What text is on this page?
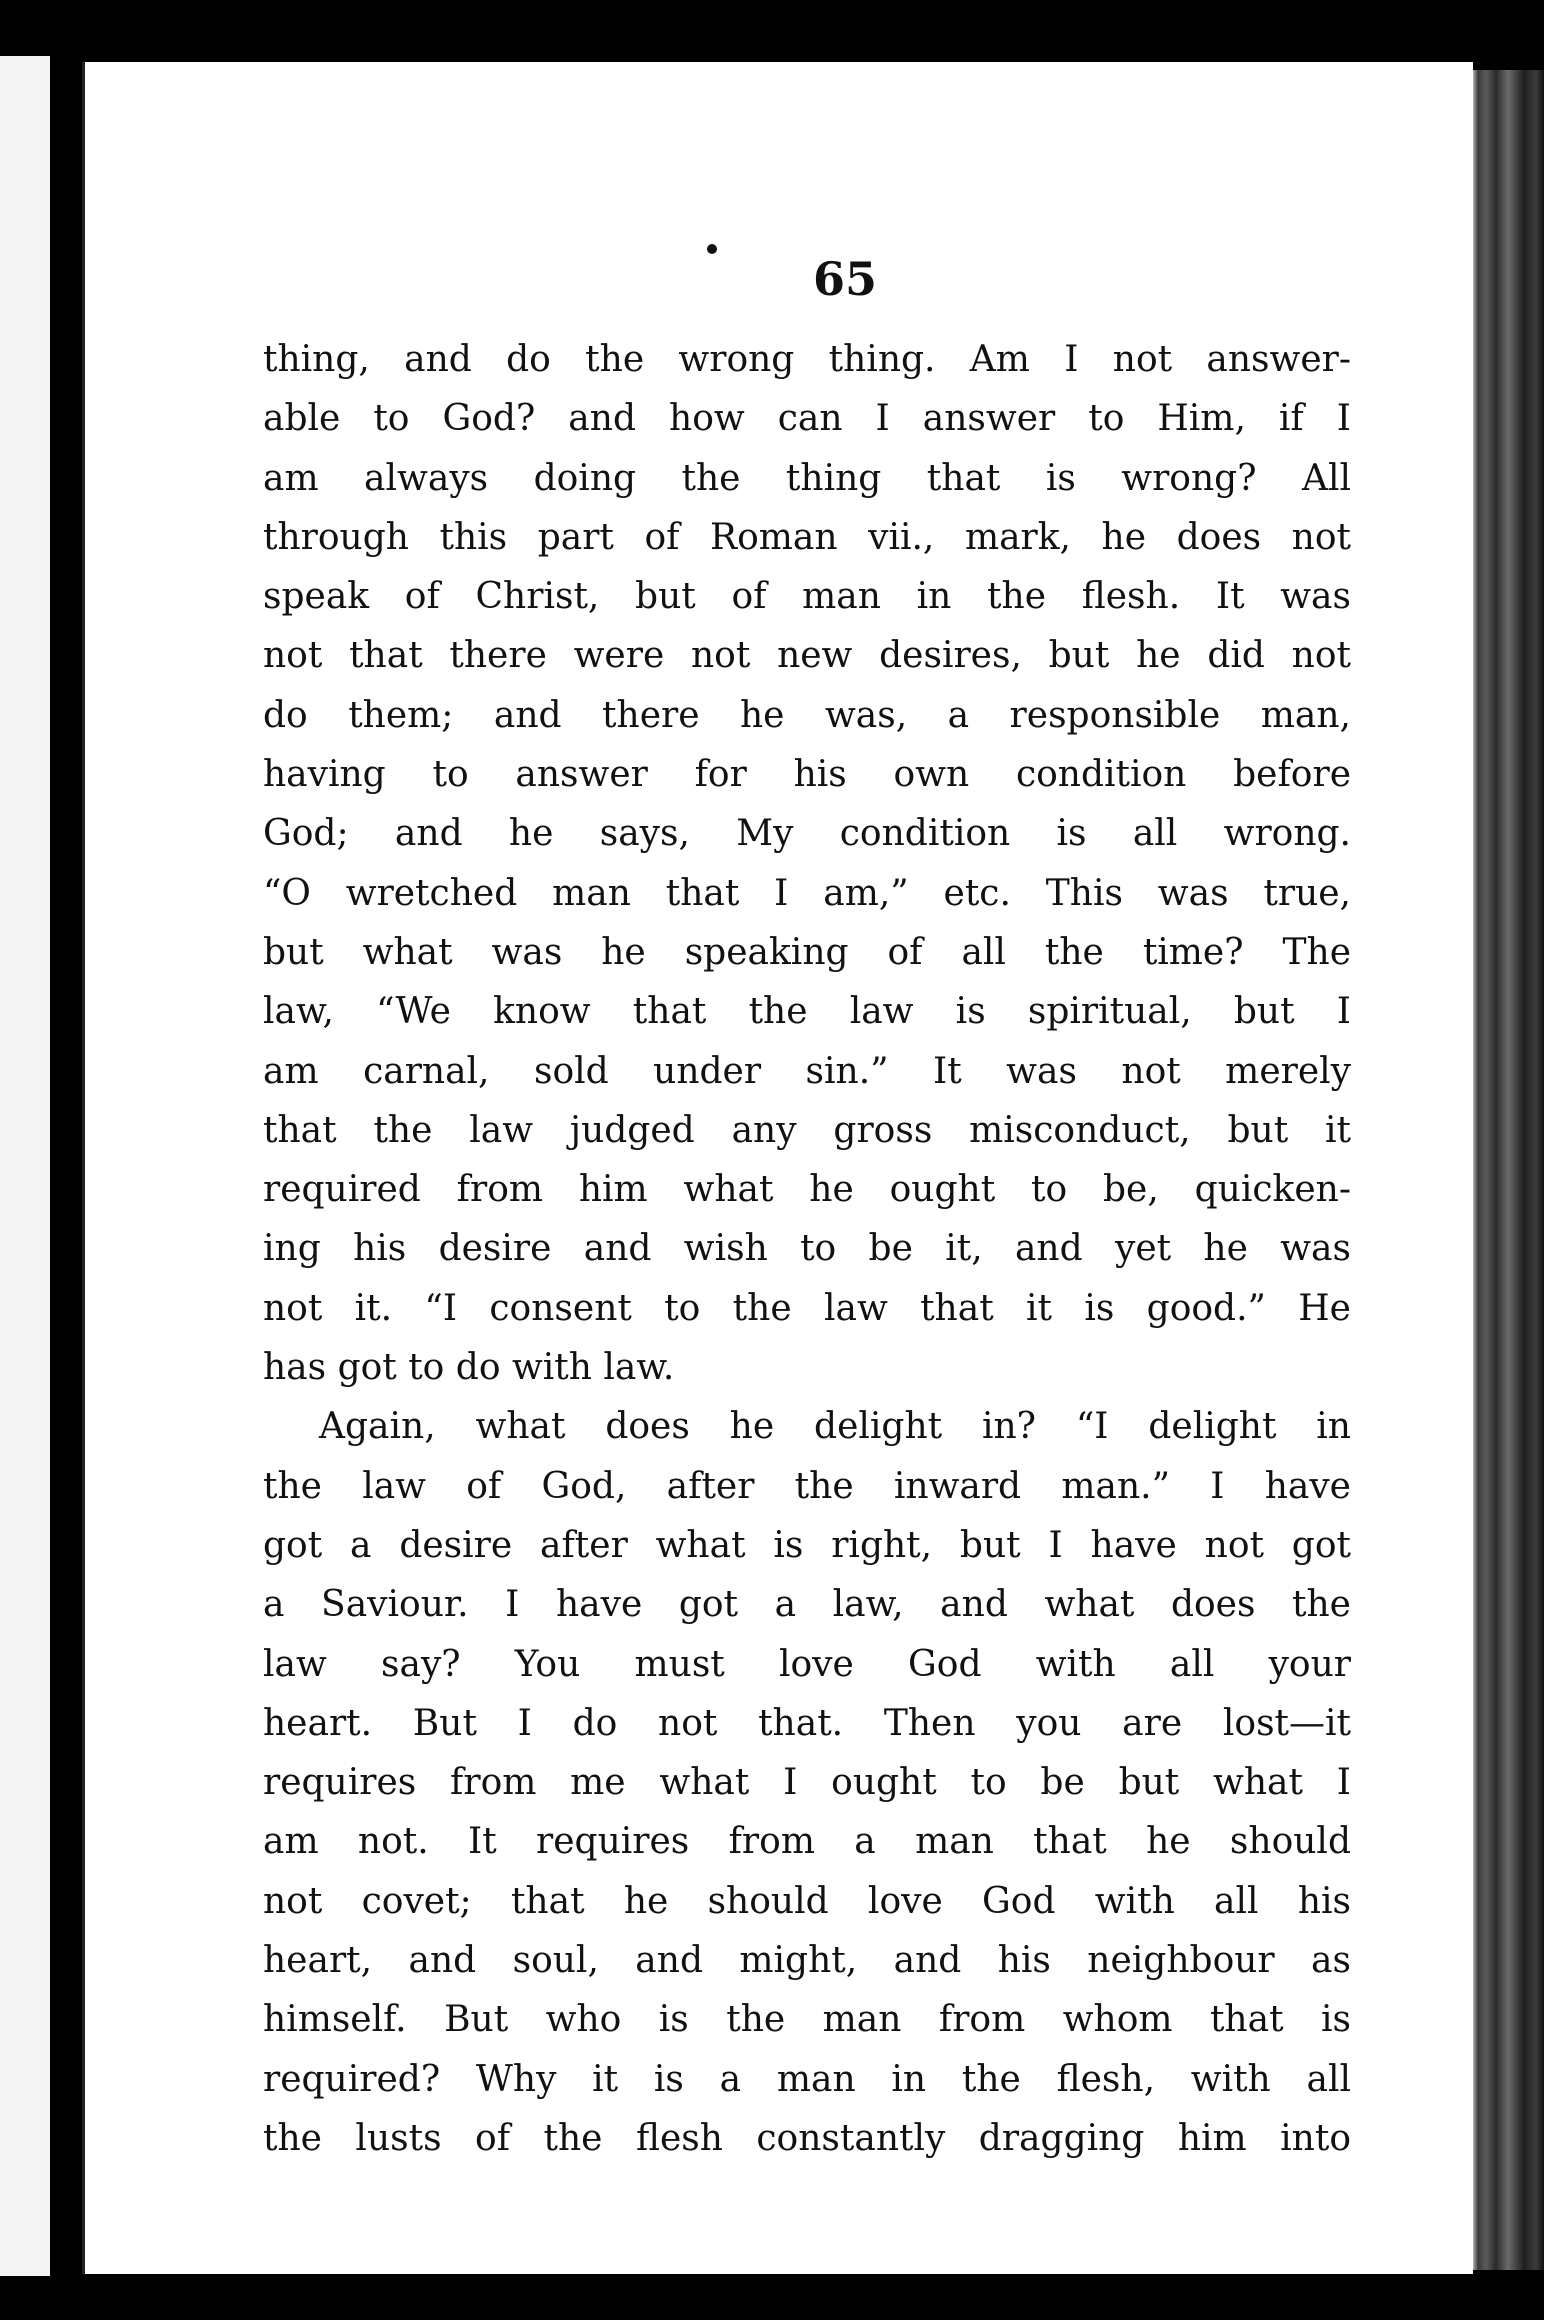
65
thing, and do the wrong thing. Am I not answer-
able to God? and how can I answer to Him, if I
am always doing the thing that is wrong? All
through this part of Roman vii., mark, he does not
speak of Christ, but of man in the flesh. It was
not that there were not new desires, but he did not
do them; and there he was, a responsible man,
having to answer for his own condition before
God; and he says, My condition is all wrong.
“O wretched man that I am,” etc. This was true,
but what was he speaking of all the time? The
law, “We know that the law is spiritual, but I
am carnal, sold under sin.” It was not merely
that the law judged any gross misconduct, but it
required from him what he ought to be, quicken-
ing his desire and wish to be it, and yet he was
not it. “I consent to the law that it is good.” He
has got to do with law.
Again, what does he delight in? “I delight in
the law of God, after the inward man.” I have
got a desire after what is right, but I have not got
a Saviour. I have got a law, and what does the
law say? You must love God with all your
heart. But I do not that. Then you are lost—it
requires from me what I ought to be but what I
am not. It requires from a man that he should
not covet; that he should love God with all his
heart, and soul, and might, and his neighbour as
himself. But who is the man from whom that is
required? Why it is a man in the flesh, with all
the lusts of the flesh constantly dragging him into
